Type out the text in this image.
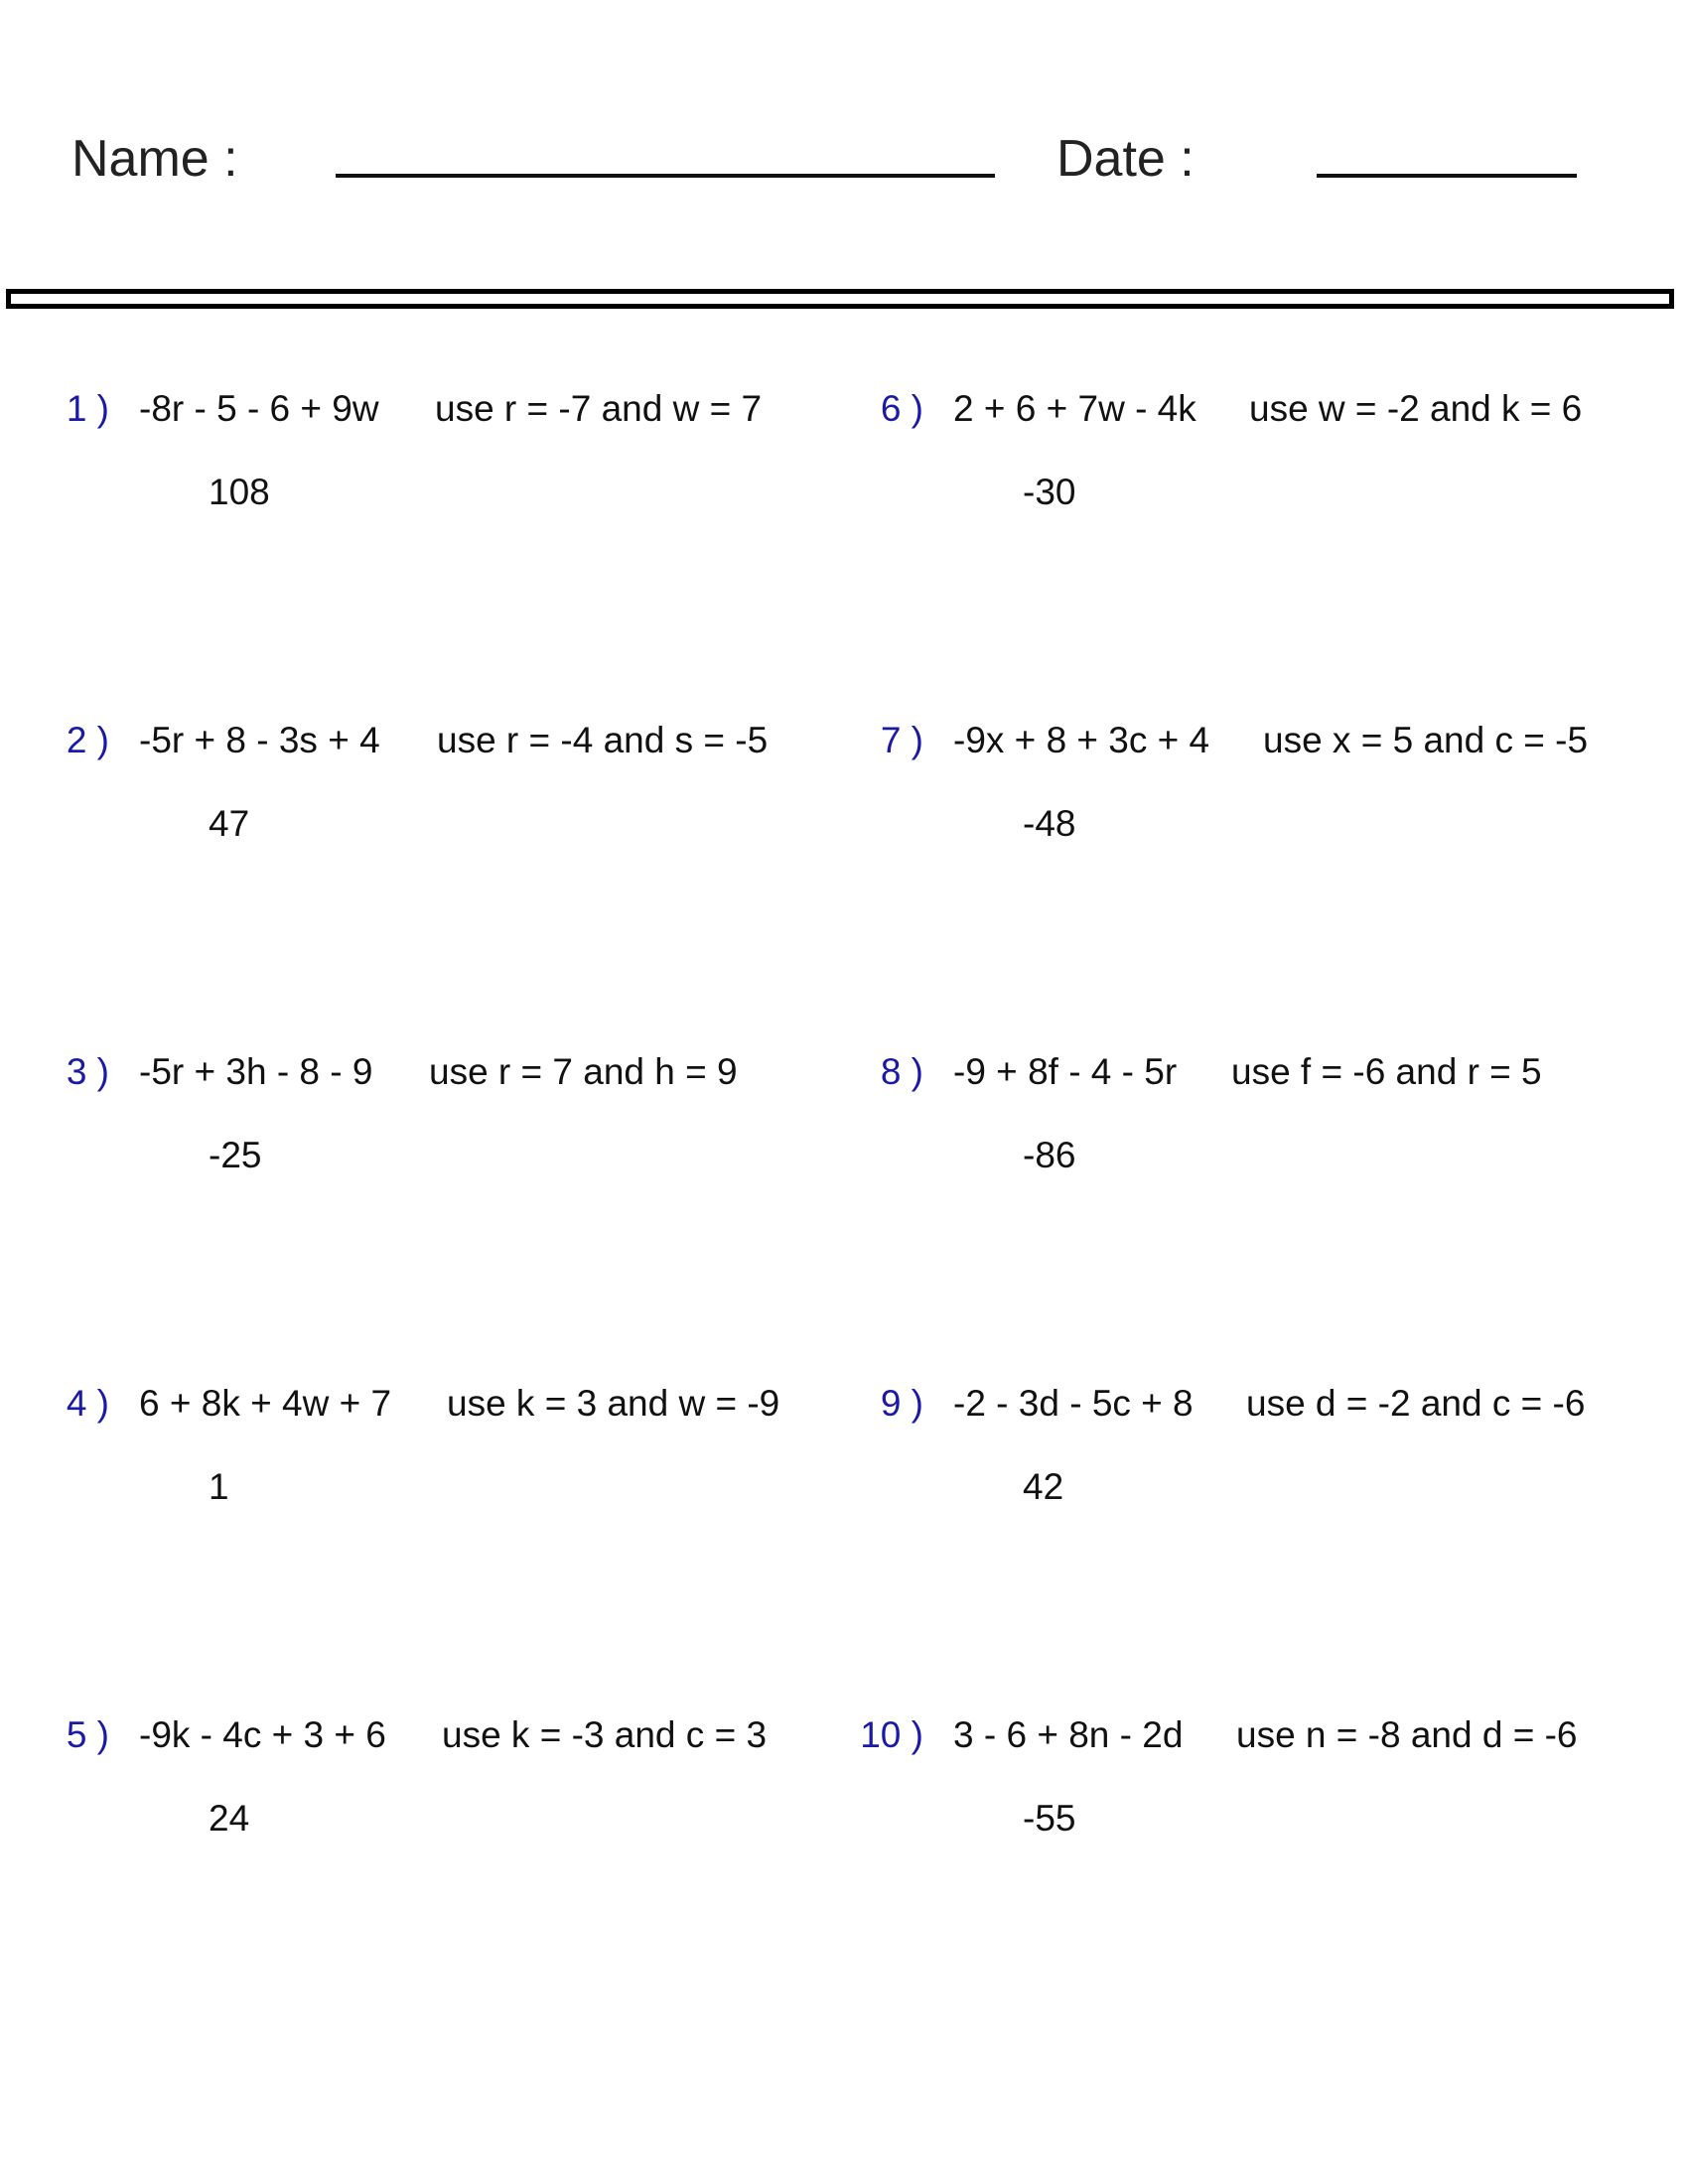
Name :	Date :
1 ) -8r - 5 - 6 + 9w use r = -7 and w = 7
108
2 ) -5r + 8 - 3s + 4 use r = -4 and s = -5
47
3 ) -5r + 3h - 8 - 9 use r = 7 and h = 9
-25
4 ) 6 + 8k + 4w + 7 use k = 3 and w = -9
1
5 ) -9k - 4c + 3 + 6 use k = -3 and c = 3
24
6 ) 2 + 6 + 7w - 4k use w = -2 and k = 6
-30
7 ) -9x + 8 + 3c + 4 use x = 5 and c = -5
-48
8 ) -9 + 8f - 4 - 5r use f = -6 and r = 5
-86
9 ) -2 - 3d - 5c + 8 use d = -2 and c = -6
42
10 ) 3 - 6 + 8n - 2d use n = -8 and d = -6
-55
